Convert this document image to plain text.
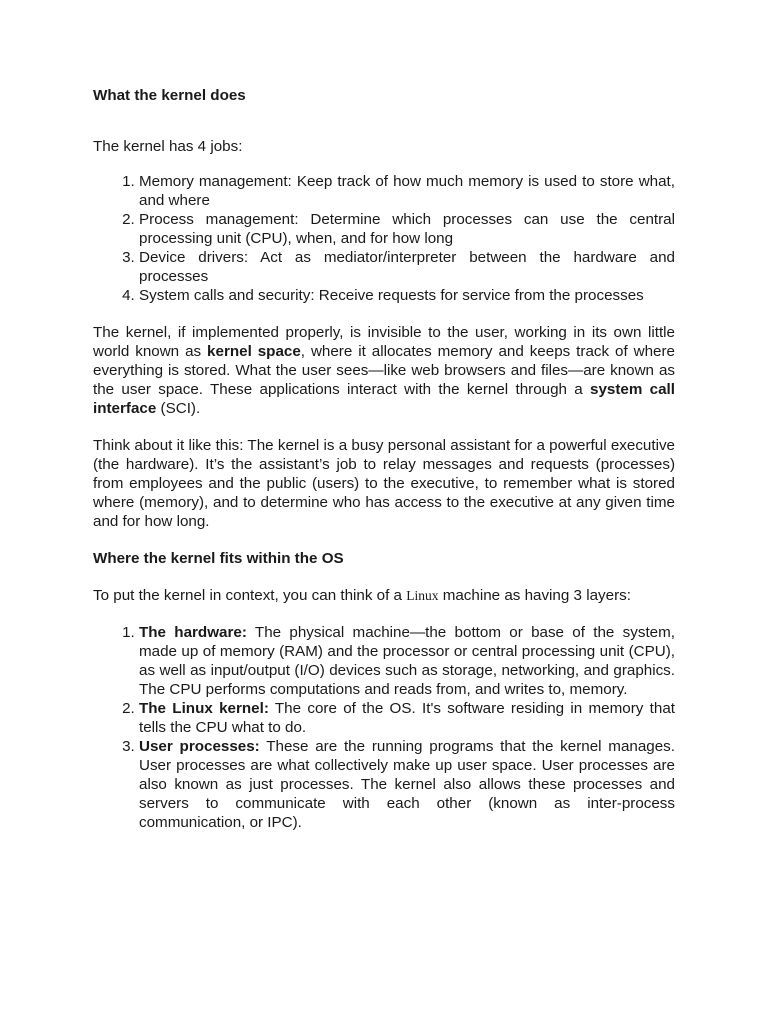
What the kernel does

The kernel has 4 jobs:

1. Memory management: Keep track of how much memory is used to store what, and where
2. Process management: Determine which processes can use the central processing unit (CPU), when, and for how long
3. Device drivers: Act as mediator/interpreter between the hardware and processes
4. System calls and security: Receive requests for service from the processes

The kernel, if implemented properly, is invisible to the user, working in its own little world known as kernel space, where it allocates memory and keeps track of where everything is stored. What the user sees—like web browsers and files—are known as the user space. These applications interact with the kernel through a system call interface (SCI).

Think about it like this: The kernel is a busy personal assistant for a powerful executive (the hardware). It’s the assistant’s job to relay messages and requests (processes) from employees and the public (users) to the executive, to remember what is stored where (memory), and to determine who has access to the executive at any given time and for how long.

Where the kernel fits within the OS

To put the kernel in context, you can think of a Linux machine as having 3 layers:

1. The hardware: The physical machine—the bottom or base of the system, made up of memory (RAM) and the processor or central processing unit (CPU), as well as input/output (I/O) devices such as storage, networking, and graphics. The CPU performs computations and reads from, and writes to, memory.
2. The Linux kernel: The core of the OS. It's software residing in memory that tells the CPU what to do.
3. User processes: These are the running programs that the kernel manages. User processes are what collectively make up user space. User processes are also known as just processes. The kernel also allows these processes and servers to communicate with each other (known as inter-process communication, or IPC).
